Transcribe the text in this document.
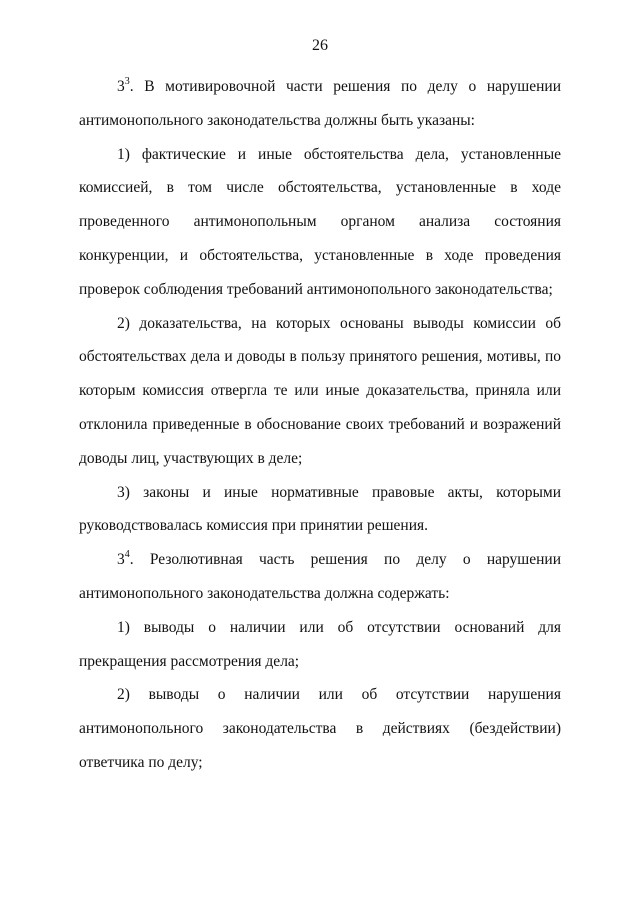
26

$3^3$. В мотивировочной части решения по делу о нарушении антимонопольного законодательства должны быть указаны:

1) фактические и иные обстоятельства дела, установленные комиссией, в том числе обстоятельства, установленные в ходе проведенного антимонопольным органом анализа состояния конкуренции, и обстоятельства, установленные в ходе проведения проверок соблюдения требований антимонопольного законодательства;

2) доказательства, на которых основаны выводы комиссии об обстоятельствах дела и доводы в пользу принятого решения, мотивы, по которым комиссия отвергла те или иные доказательства, приняла или отклонила приведенные в обоснование своих требований и возражений доводы лиц, участвующих в деле;

3) законы и иные нормативные правовые акты, которыми руководствовалась комиссия при принятии решения.

$3^4$. Резолютивная часть решения по делу о нарушении антимонопольного законодательства должна содержать:

1) выводы о наличии или об отсутствии оснований для прекращения рассмотрения дела;

2) выводы о наличии или об отсутствии нарушения антимонопольного законодательства в действиях (бездействии) ответчика по делу;
